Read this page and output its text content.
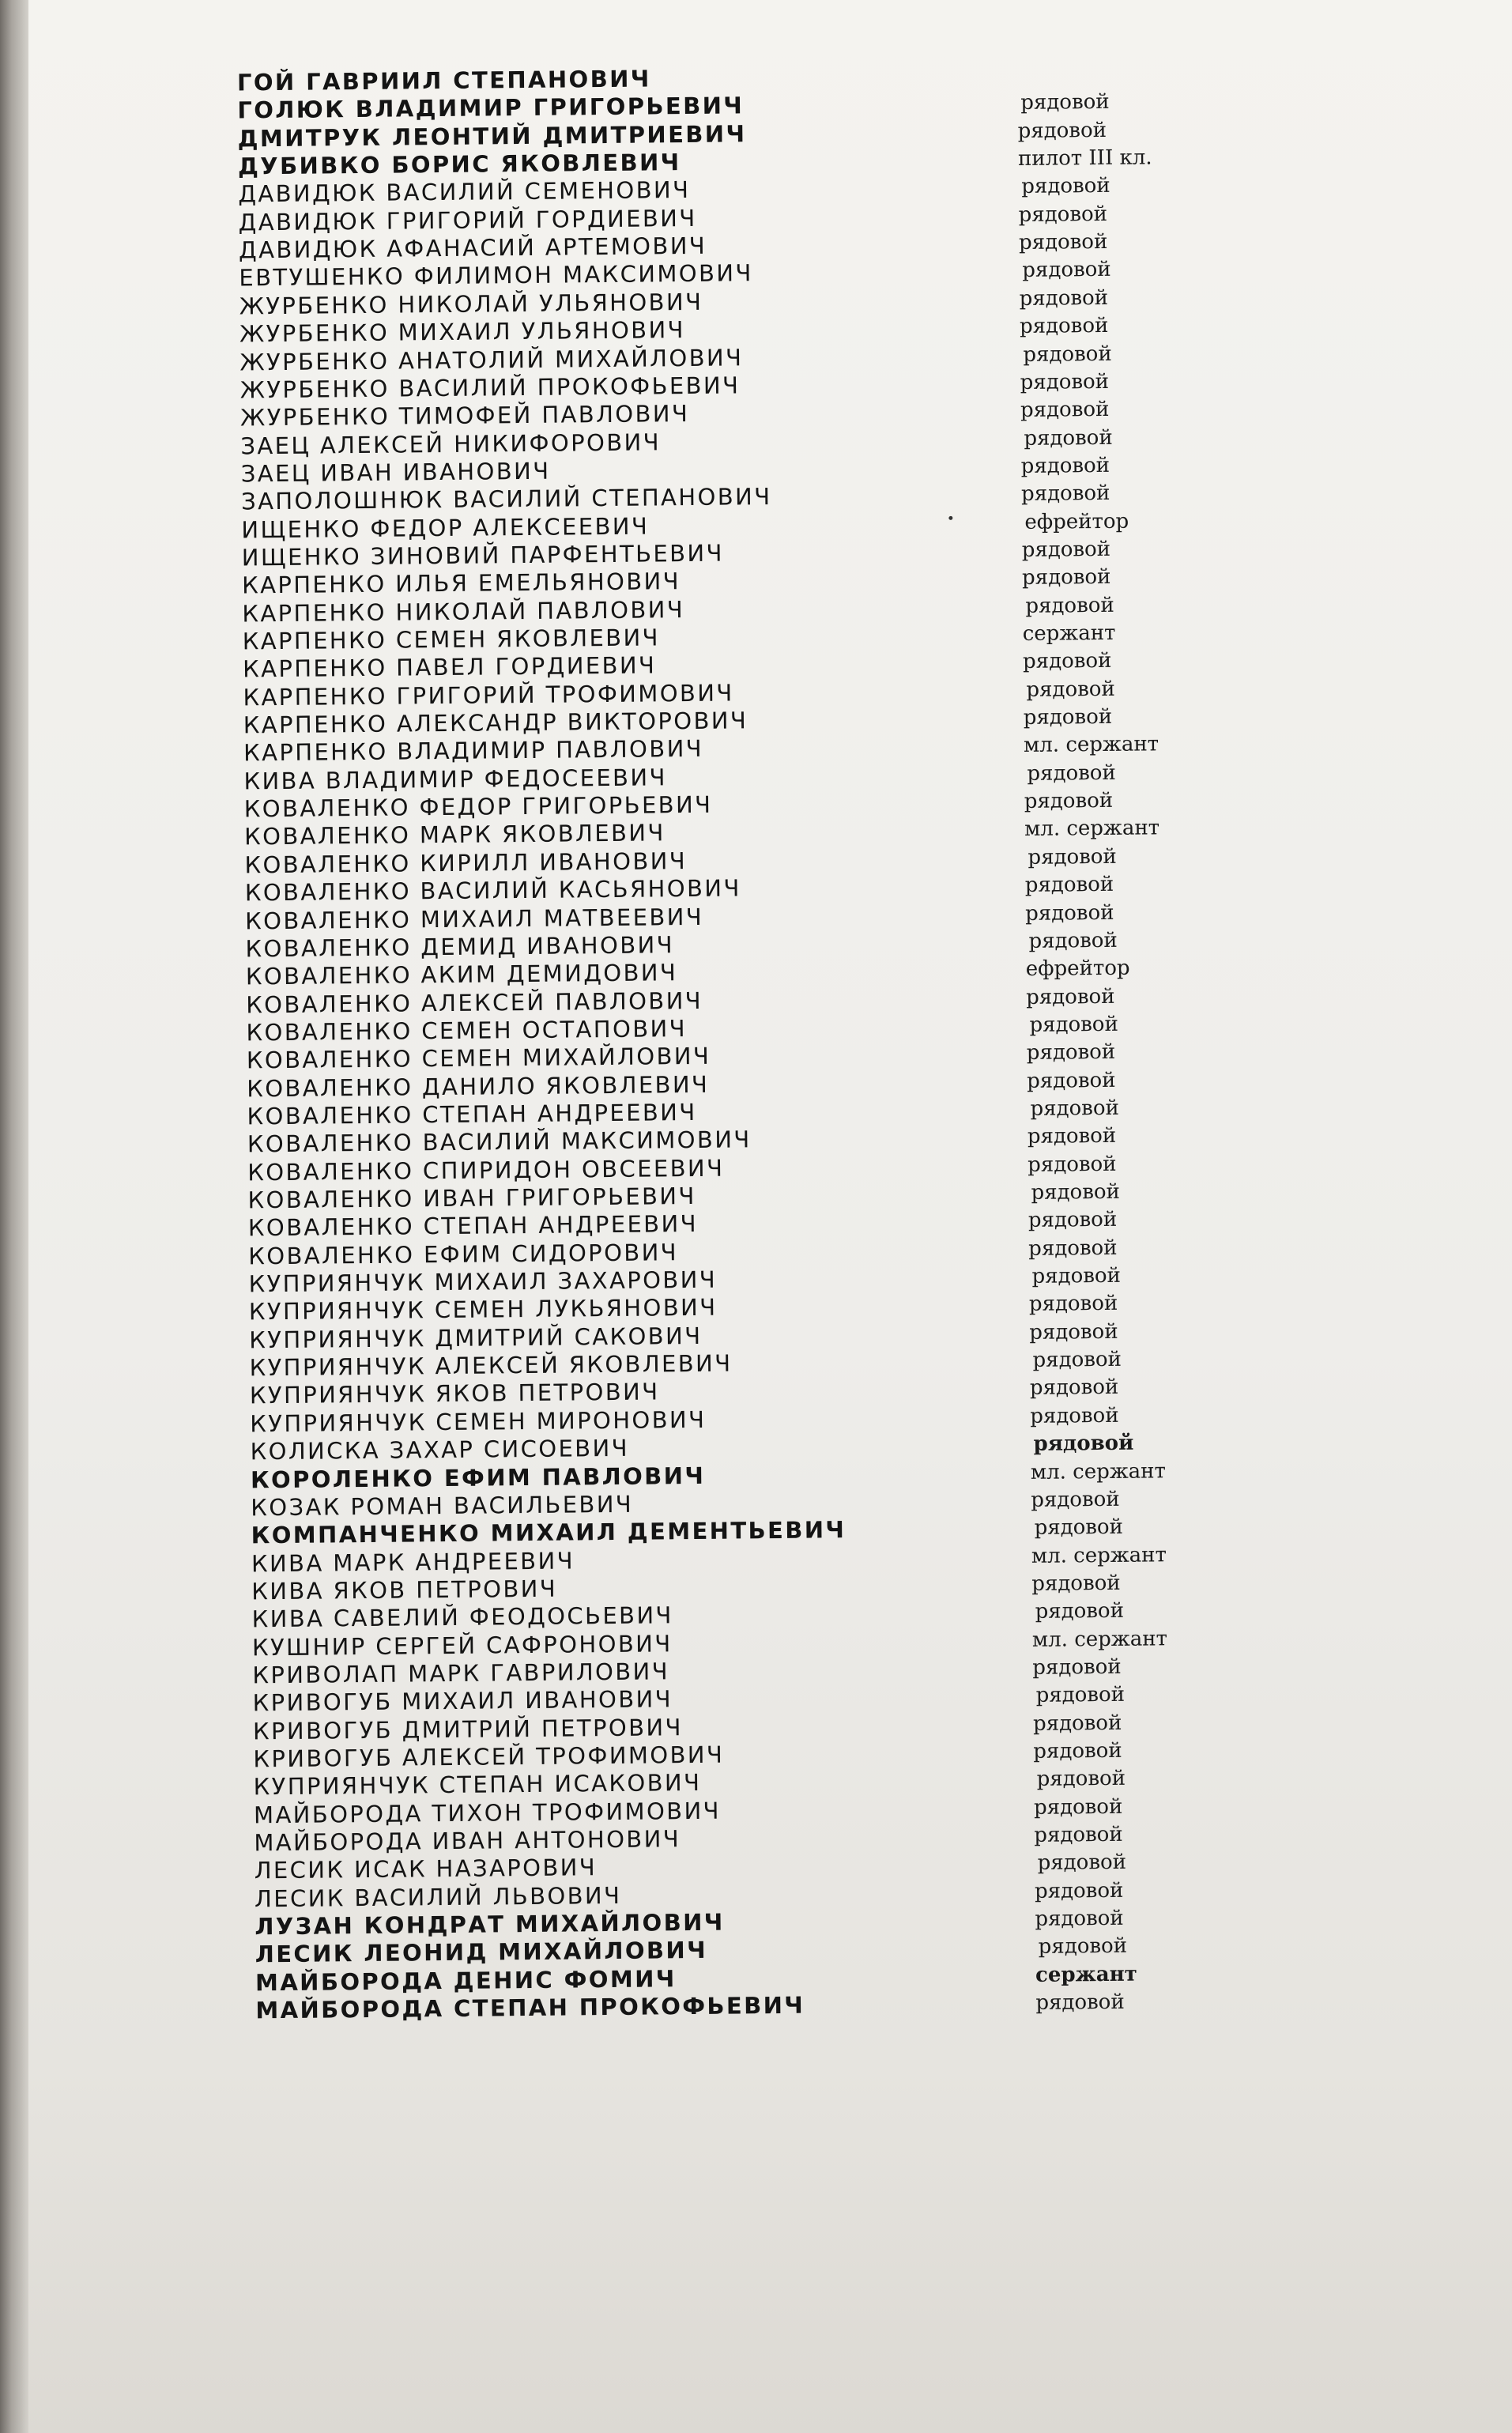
ГОЙ ГАВРИИЛ СТЕПАНОВИЧ
ГОЛЮК ВЛАДИМИР ГРИГОРЬЕВИЧ	рядовой
ДМИТРУК ЛЕОНТИЙ ДМИТРИЕВИЧ	рядовой
ДУБИВКО БОРИС ЯКОВЛЕВИЧ	пилот III кл.
ДАВИДЮК ВАСИЛИЙ СЕМЕНОВИЧ	рядовой
ДАВИДЮК ГРИГОРИЙ ГОРДИЕВИЧ	рядовой
ДАВИДЮК АФАНАСИЙ АРТЕМОВИЧ	рядовой
ЕВТУШЕНКО ФИЛИМОН МАКСИМОВИЧ	рядовой
ЖУРБЕНКО НИКОЛАЙ УЛЬЯНОВИЧ	рядовой
ЖУРБЕНКО МИХАИЛ УЛЬЯНОВИЧ	рядовой
ЖУРБЕНКО АНАТОЛИЙ МИХАЙЛОВИЧ	рядовой
ЖУРБЕНКО ВАСИЛИЙ ПРОКОФЬЕВИЧ	рядовой
ЖУРБЕНКО ТИМОФЕЙ ПАВЛОВИЧ	рядовой
ЗАЕЦ АЛЕКСЕЙ НИКИФОРОВИЧ	рядовой
ЗАЕЦ ИВАН ИВАНОВИЧ	рядовой
ЗАПОЛОШНЮК ВАСИЛИЙ СТЕПАНОВИЧ	рядовой
ИЩЕНКО ФЕДОР АЛЕКСЕЕВИЧ	ефрейтор
ИЩЕНКО ЗИНОВИЙ ПАРФЕНТЬЕВИЧ	рядовой
КАРПЕНКО ИЛЬЯ ЕМЕЛЬЯНОВИЧ	рядовой
КАРПЕНКО НИКОЛАЙ ПАВЛОВИЧ	рядовой
КАРПЕНКО СЕМЕН ЯКОВЛЕВИЧ	сержант
КАРПЕНКО ПАВЕЛ ГОРДИЕВИЧ	рядовой
КАРПЕНКО ГРИГОРИЙ ТРОФИМОВИЧ	рядовой
КАРПЕНКО АЛЕКСАНДР ВИКТОРОВИЧ	рядовой
КАРПЕНКО ВЛАДИМИР ПАВЛОВИЧ	мл. сержант
КИВА ВЛАДИМИР ФЕДОСЕЕВИЧ	рядовой
КОВАЛЕНКО ФЕДОР ГРИГОРЬЕВИЧ	рядовой
КОВАЛЕНКО МАРК ЯКОВЛЕВИЧ	мл. сержант
КОВАЛЕНКО КИРИЛЛ ИВАНОВИЧ	рядовой
КОВАЛЕНКО ВАСИЛИЙ КАСЬЯНОВИЧ	рядовой
КОВАЛЕНКО МИХАИЛ МАТВЕЕВИЧ	рядовой
КОВАЛЕНКО ДЕМИД ИВАНОВИЧ	рядовой
КОВАЛЕНКО АКИМ ДЕМИДОВИЧ	ефрейтор
КОВАЛЕНКО АЛЕКСЕЙ ПАВЛОВИЧ	рядовой
КОВАЛЕНКО СЕМЕН ОСТАПОВИЧ	рядовой
КОВАЛЕНКО СЕМЕН МИХАЙЛОВИЧ	рядовой
КОВАЛЕНКО ДАНИЛО ЯКОВЛЕВИЧ	рядовой
КОВАЛЕНКО СТЕПАН АНДРЕЕВИЧ	рядовой
КОВАЛЕНКО ВАСИЛИЙ МАКСИМОВИЧ	рядовой
КОВАЛЕНКО СПИРИДОН ОВСЕЕВИЧ	рядовой
КОВАЛЕНКО ИВАН ГРИГОРЬЕВИЧ	рядовой
КОВАЛЕНКО СТЕПАН АНДРЕЕВИЧ	рядовой
КОВАЛЕНКО ЕФИМ СИДОРОВИЧ	рядовой
КУПРИЯНЧУК МИХАИЛ ЗАХАРОВИЧ	рядовой
КУПРИЯНЧУК СЕМЕН ЛУКЬЯНОВИЧ	рядовой
КУПРИЯНЧУК ДМИТРИЙ САКОВИЧ	рядовой
КУПРИЯНЧУК АЛЕКСЕЙ ЯКОВЛЕВИЧ	рядовой
КУПРИЯНЧУК ЯКОВ ПЕТРОВИЧ	рядовой
КУПРИЯНЧУК СЕМЕН МИРОНОВИЧ	рядовой
КОЛИСКА ЗАХАР СИСОЕВИЧ	рядовой
КОРОЛЕНКО ЕФИМ ПАВЛОВИЧ	мл. сержант
КОЗАК РОМАН ВАСИЛЬЕВИЧ	рядовой
КОМПАНЧЕНКО МИХАИЛ ДЕМЕНТЬЕВИЧ	рядовой
КИВА МАРК АНДРЕЕВИЧ	мл. сержант
КИВА ЯКОВ ПЕТРОВИЧ	рядовой
КИВА САВЕЛИЙ ФЕОДОСЬЕВИЧ	рядовой
КУШНИР СЕРГЕЙ САФРОНОВИЧ	мл. сержант
КРИВОЛАП МАРК ГАВРИЛОВИЧ	рядовой
КРИВОГУБ МИХАИЛ ИВАНОВИЧ	рядовой
КРИВОГУБ ДМИТРИЙ ПЕТРОВИЧ	рядовой
КРИВОГУБ АЛЕКСЕЙ ТРОФИМОВИЧ	рядовой
КУПРИЯНЧУК СТЕПАН ИСАКОВИЧ	рядовой
МАЙБОРОДА ТИХОН ТРОФИМОВИЧ	рядовой
МАЙБОРОДА ИВАН АНТОНОВИЧ	рядовой
ЛЕСИК ИСАК НАЗАРОВИЧ	рядовой
ЛЕСИК ВАСИЛИЙ ЛЬВОВИЧ	рядовой
ЛУЗАН КОНДРАТ МИХАЙЛОВИЧ	рядовой
ЛЕСИК ЛЕОНИД МИХАЙЛОВИЧ	рядовой
МАЙБОРОДА ДЕНИС ФОМИЧ	сержант
МАЙБОРОДА СТЕПАН ПРОКОФЬЕВИЧ	рядовой
